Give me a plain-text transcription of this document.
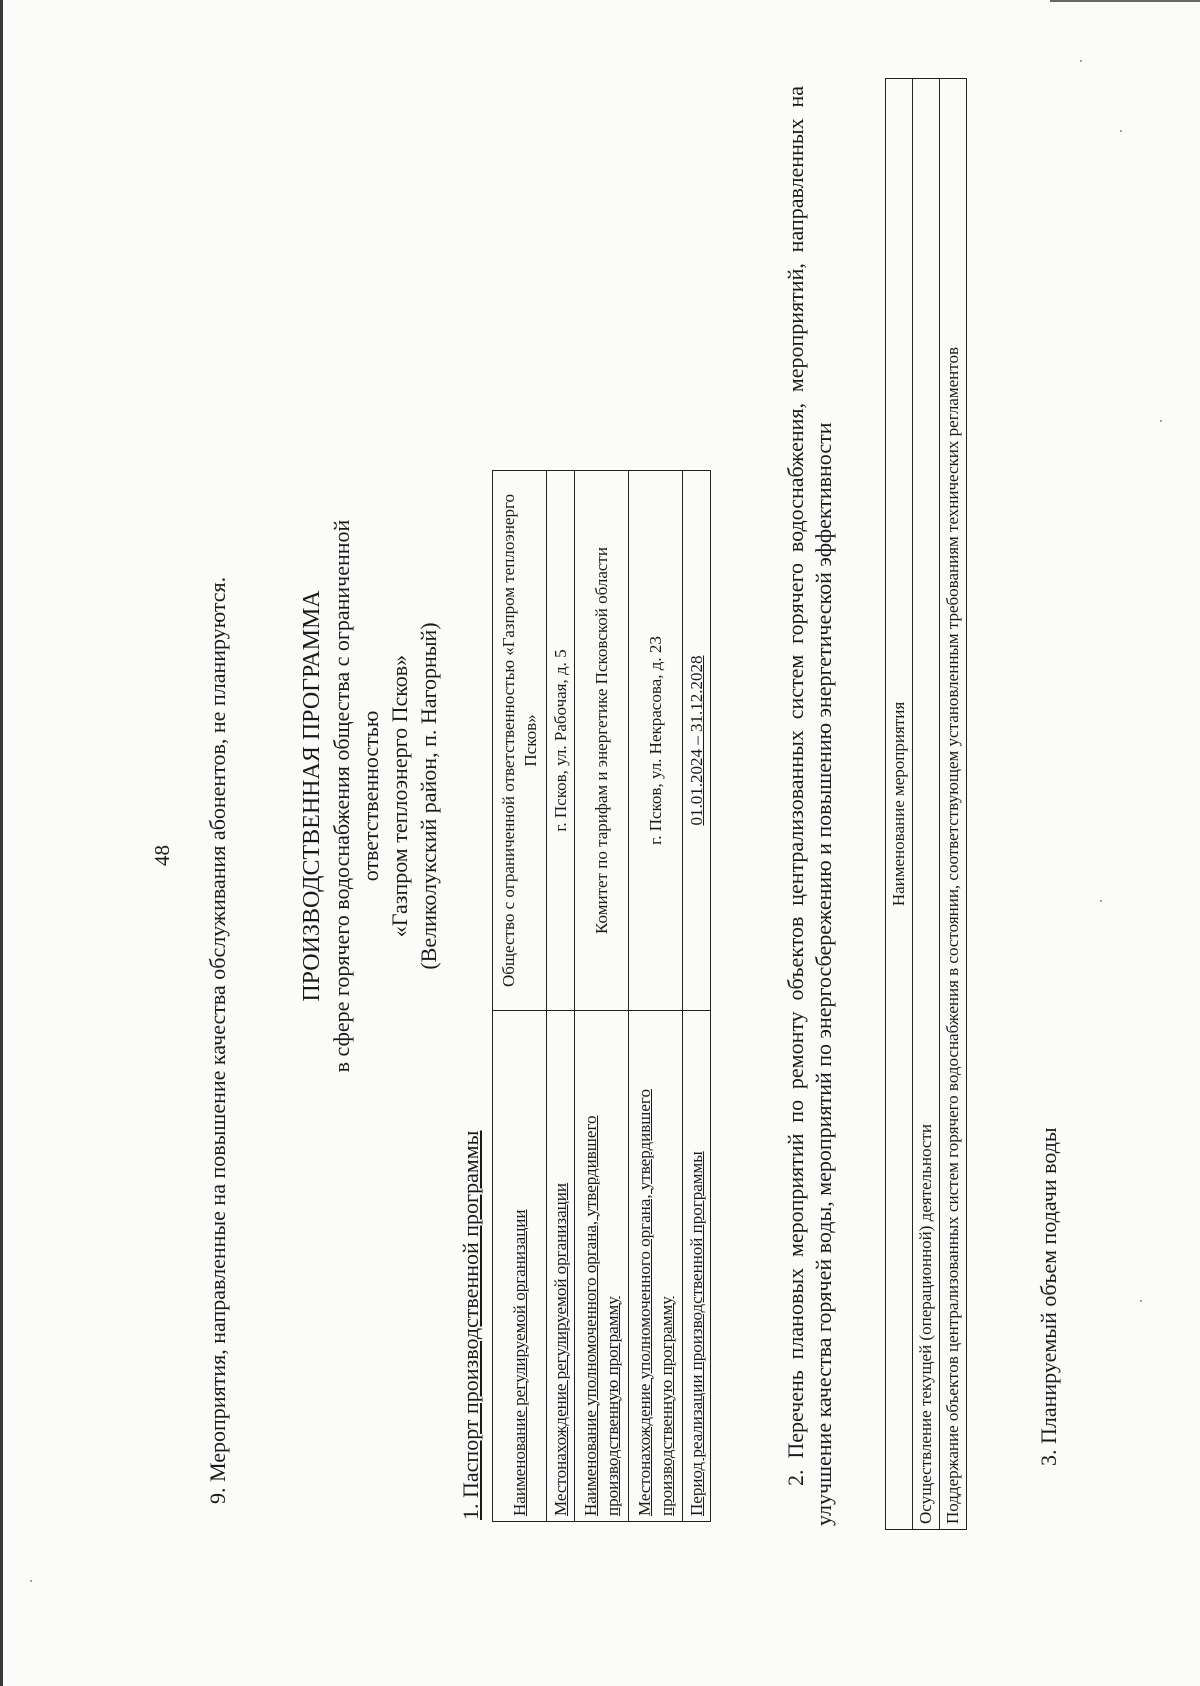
48 9. Мероприятия, направленные на повышение качества обслуживания абонентов, не планируются.	ПРОИЗВОДСТВЕННАЯ ПРОГРАММА в сфере горячего водоснабжения общества с ограниченной ответственностью «Газпром теплоэнерго Псков» (Великолукский район, п. Нагорный)
1. Паспорт производственной программы Наименование регулируемой организации	Общество с ограниченной ответственностью «Газпром теплоэнерго Псков»
Местонахождение регулируемой организации	г. Псков, ул. Рабочая, д. 5
Наименование уполномоченного органа, утвердившего производственную программу	Комитет по тарифам и энергетике Псковской области
Местонахождение уполномоченного органа, утвердившего производственную программу	г. Псков, ул. Некрасова, д. 23
Период реализации производственной программы	01.01.2024 – 31.12.2028	2. Перечень плановых мероприятий по ремонту объектов централизованных систем горячего водоснабжения, мероприятий, направленных на улучшение качества горячей воды, мероприятий по энергосбережению и повышению энергетической эффективности	Наименование мероприятия
Осуществление текущей (операционной) деятельности
Поддержание объектов централизованных систем горячего водоснабжения в состоянии, соответствующем установленным требованиям технических регламентов	3. Планируемый объем подачи воды
